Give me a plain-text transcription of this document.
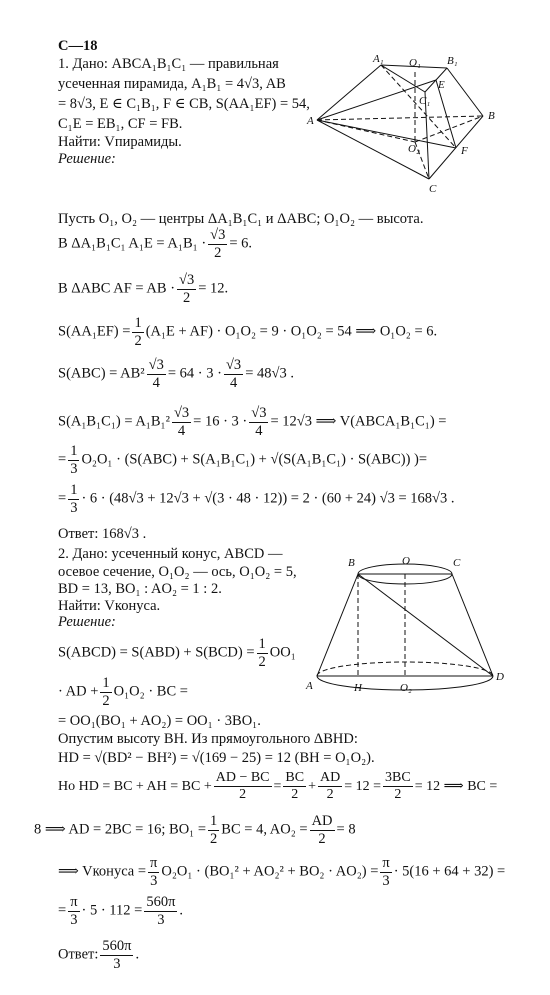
С—18
1. Дано: ABCA₁B₁C₁ — правильная
усеченная пирамида, A₁B₁ = 4√3, AB
= 8√3, E ∈ C₁B₁, F ∈ CB, S(AA₁EF) = 54,
C₁E = EB₁, CF = FB.
Найти: Vпирамиды.
Решение:
A₁ O₁ B₁
C₁
E
A	B
O₂	F
C
Пусть O₁, O₂ — центры ΔA₁B₁C₁ и ΔABC; O₁O₂ — высота.
В ΔA₁B₁C₁ $A_1E = A_1B_1 \cdot \frac{√3}{2} = 6$.
В ΔABC AF = AB · $\frac{√3}{2} = 12$.
$S(AA_1EF) = \frac{1}{2} (A_1E + AF) \cdot O_1O_2 = 9 \cdot O_1O_2 = 54$ ⟹ O₁O₂ = 6.
$S(ABC) = AB^2 \frac{√3}{4} = 64 \cdot 3 \cdot \frac{√3}{4} = 48√3$ .
$S(A_1B_1C_1) = A_1B_1^2 \frac{√3}{4} = 16 \cdot 3 \cdot \frac{√3}{4} = 12√3$ ⟹ V(ABCA₁B₁C₁) =
= $\frac{1}{3} O_2O_1 \cdot (S(ABC) + S(A_1B_1C_1) + √(S(A_1B_1C_1) \cdot S(ABC))$ )=
= $\frac{1}{3} \cdot 6 \cdot (48√3 + 12√3 + √(3 \cdot 48 \cdot 12)) = 2 \cdot (60 + 24) √3 = 168√3$ .
Ответ: 168√3 .
2. Дано: усеченный конус, ABCD —
осевое сечение, O₁O₂ — ось, O₁O₂ = 5,
BD = 13, BO₁ : AO₂ = 1 : 2.
Найти: Vконуса.
Решение:
B	O	C
A	H	O₂
D
S(ABCD) = $S(ABD) + S(BCD) = \frac{1}{2} OO_1$
· AD + $\frac{1}{2} O_1O_2$ · BC =
= OO₁(BO₁ + AO₂) = OO₁ · 3BO₁.
Опустим высоту BH. Из прямоугольного ΔBHD:
HD = √(BD² − BH²) = √(169 − 25) = 12 (BH = O₁O₂).
Но HD = BC + AH = BC + $\frac{AD - BC}{2} = \frac{BC}{2} + \frac{AD}{2} = 12 = \frac{3BC}{2} = 12$ ⟹ BC =
8 ⟹ AD = 2BC = 16; $BO_1 = \frac{1}{2}$ BC = 4, $AO_2 = \frac{AD}{2} = 8$
⟹ Vконуса = $\frac{\pi}{3} O_2O_1 \cdot (BO_1^2 + AO_2^2 + BO_2 \cdot AO_2) = \frac{\pi}{3} \cdot 5(16 + 64 + 32)$ =
= $\frac{\pi}{3} \cdot 5 \cdot 112 = \frac{560\pi}{3}$ .
Ответ: $\frac{560\pi}{3}$ .
